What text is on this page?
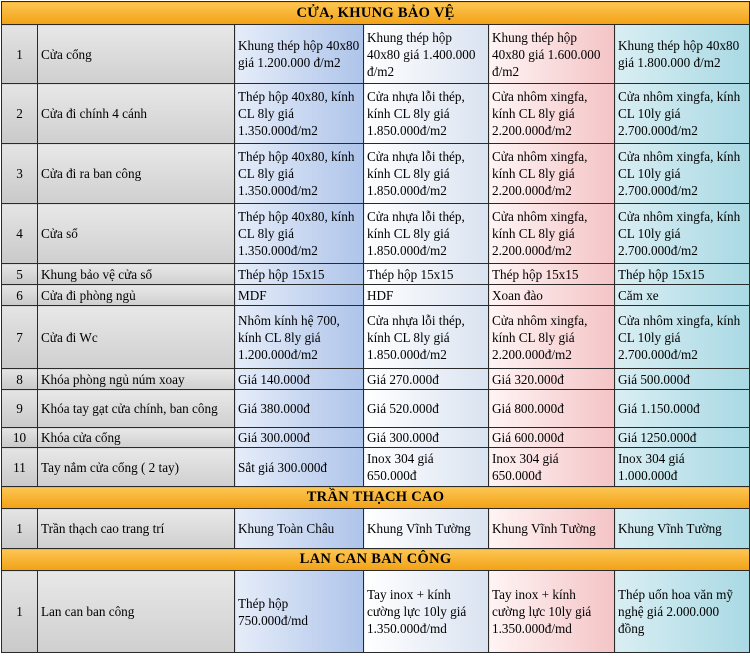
CỬA, KHUNG BẢO VỆ					
1	Cửa cổng	Khung thép hộp 40x80 giá 1.200.000 đ/m2	Khung thép hộp 40x80 giá 1.400.000 đ/m2	Khung thép hộp 40x80 giá 1.600.000 đ/m2	Khung thép hộp 40x80 giá 1.800.000 đ/m2
2	Cửa đi chính 4 cánh	Thép hộp 40x80, kính CL 8ly giá 1.350.000đ/m2	Cửa nhựa lỗi thép, kính CL 8ly giá 1.850.000đ/m2	Cửa nhôm xingfa, kính CL 8ly giá 2.200.000đ/m2	Cửa nhôm xingfa, kính CL 10ly giá 2.700.000đ/m2
3	Cửa đi ra ban công	Thép hộp 40x80, kính CL 8ly giá 1.350.000đ/m2	Cửa nhựa lỗi thép, kính CL 8ly giá 1.850.000đ/m2	Cửa nhôm xingfa, kính CL 8ly giá 2.200.000đ/m2	Cửa nhôm xingfa, kính CL 10ly giá 2.700.000đ/m2
4	Cửa sổ	Thép hộp 40x80, kính CL 8ly giá 1.350.000đ/m2	Cửa nhựa lỗi thép, kính CL 8ly giá 1.850.000đ/m2	Cửa nhôm xingfa, kính CL 8ly giá 2.200.000đ/m2	Cửa nhôm xingfa, kính CL 10ly giá 2.700.000đ/m2
5	Khung bảo vệ cửa sổ	Thép hộp 15x15	Thép hộp 15x15	Thép hộp 15x15	Thép hộp 15x15
6	Cửa đi phòng ngủ	MDF	HDF	Xoan đào	Căm xe
7	Cửa đi Wc	Nhôm kính hệ 700, kính CL 8ly giá 1.200.000đ/m2	Cửa nhựa lỗi thép, kính CL 8ly giá 1.850.000đ/m2	Cửa nhôm xingfa, kính CL 8ly giá 2.200.000đ/m2	Cửa nhôm xingfa, kính CL 10ly giá 2.700.000đ/m2
8	Khóa phòng ngủ núm xoay	Giá 140.000đ	Giá 270.000đ	Giá 320.000đ	Giá 500.000đ
9	Khóa tay gạt cửa chính, ban công	Giá 380.000đ	Giá 520.000đ	Giá 800.000đ	Giá 1.150.000đ
10	Khóa cửa cổng	Giá 300.000đ	Giá 300.000đ	Giá 600.000đ	Giá 1250.000đ
11	Tay nắm cửa cổng ( 2 tay)	Sắt giá 300.000đ	Inox 304 giá 650.000đ	Inox 304 giá 650.000đ	Inox 304 giá 1.000.000đ
TRẦN THẠCH CAO					
1	Trần thạch cao trang trí	Khung Toàn Châu	Khung Vĩnh Tường	Khung Vĩnh Tường	Khung Vĩnh Tường
LAN CAN BAN CÔNG					
1	Lan can ban công	Thép hộp 750.000đ/md	Tay inox + kính cường lực 10ly giá 1.350.000đ/md	Tay inox + kính cường lực 10ly giá 1.350.000đ/md	Thép uốn hoa văn mỹ nghệ giá 2.000.000 đồng
